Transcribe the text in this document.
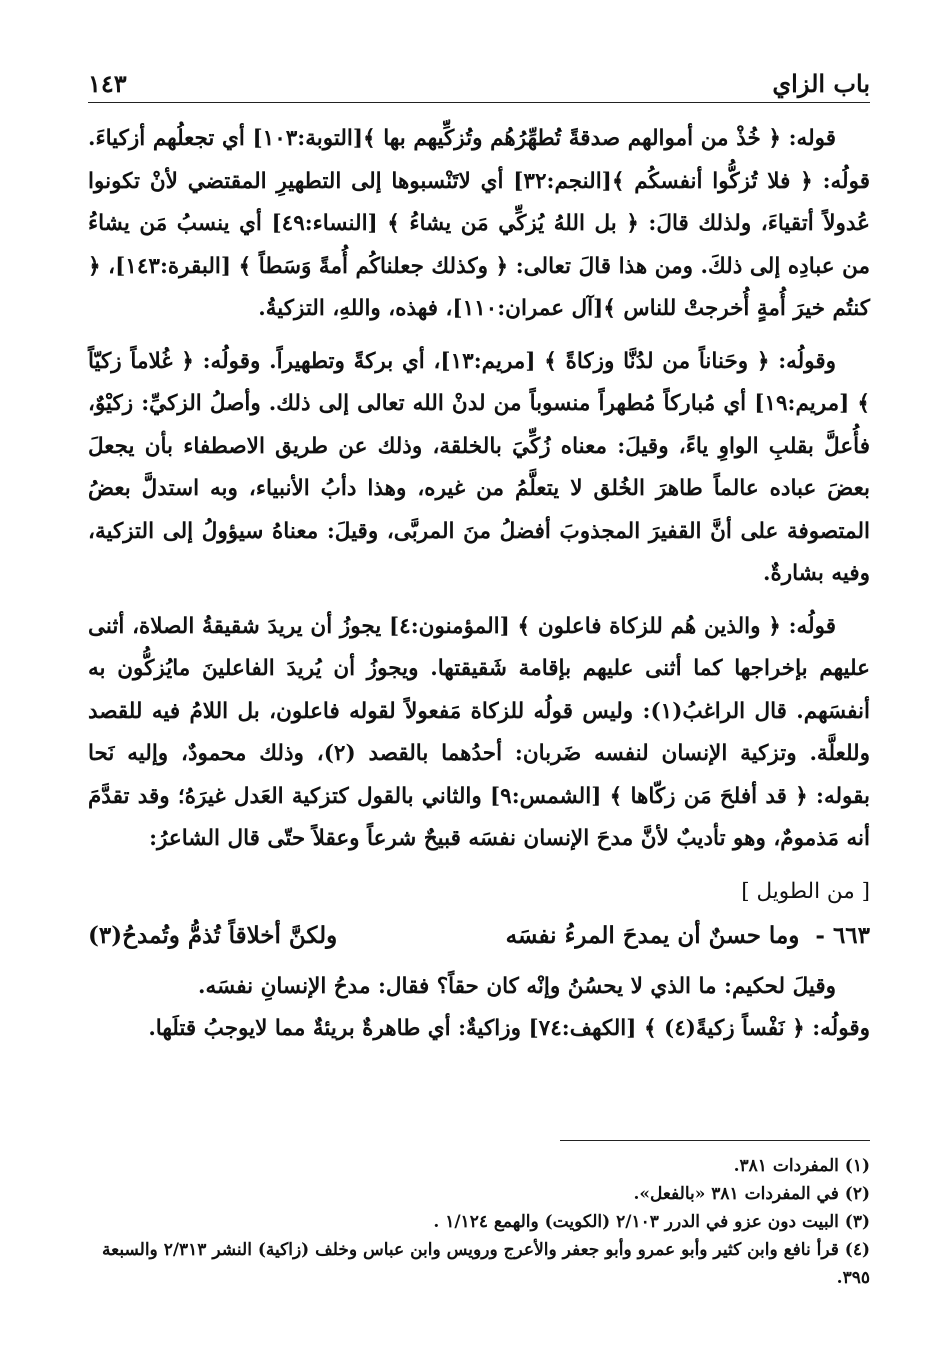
١٤٣	باب الزاي

قوله: ﴿ خُذْ من أموالهم صدقةً تُطهِّرُهُم وتُزكِّيهم بها ﴾[التوبة:١٠٣] أي تجعلُهم أزكياءَ. قولُه: ﴿ فلا تُزكُّوا أنفسكُم ﴾[النجم:٣٢] أي لاتَنْسبوها إلى التطهيرِ المقتضي لأنْ تكونوا عُدولاً أتقياءَ، ولذلك قالَ: ﴿ بل اللهُ يُزكِّي مَن يشاءُ ﴾ [النساء:٤٩] أي ينسبُ مَن يشاءُ من عبادِه إلى ذلكَ. ومن هذا قالَ تعالى: ﴿ وكذلك جعلناكُم أُمةً وَسَطاً ﴾ [البقرة:١٤٣]، ﴿ كنتُم خيرَ أُمةٍ أُخرجتْ للناس ﴾[آل عمران:١١٠]، فهذه، واللهِ، التزكيةُ.

وقولُه: ﴿ وحَناناً من لدُنَّا وزكاةً ﴾ [مريم:١٣]، أي بركةً وتطهيراً. وقولُه: ﴿ غُلاماً زكيّاً ﴾ [مريم:١٩] أي مُباركاً مُطهراً منسوباً من لدنْ الله تعالى إلى ذلك. وأصلُ الزكيِّ: زكيْوٌ، فأُعلَّ بقلبِ الواوِ ياءً، وقيلَ: معناه زُكِّيَ بالخلقة، وذلك عن طريق الاصطفاء بأن يجعلَ بعضَ عباده عالماً طاهرَ الخُلق لا يتعلَّمُ من غيره، وهذا دأبُ الأنبياء، وبه استدلَّ بعضُ المتصوفة على أنَّ القفيرَ المجذوبَ أفضلُ منَ المربَّى، وقيلَ: معناهُ سيؤولُ إلى التزكية، وفيه بشارةٌ.

قولُه: ﴿ والذين هُم للزكاة فاعلون ﴾ [المؤمنون:٤] يجوزُ أن يريدَ شقيقةُ الصلاة، أثنى عليهم بإخراجها كما أثنى عليهم بإقامة شَقيقتها. ويجوزُ أن يُريدَ الفاعلينَ مايُزكُّون به أنفسَهم. قال الراغبُ(١): وليس قولُه للزكاة مَفعولاً لقوله فاعلون، بل اللامُ فيه للقصد وللعلَّة. وتزكية الإنسان لنفسه ضَربان: أحدُهما بالقصد (٢)، وذلك محمودٌ، وإليه نَحا بقوله: ﴿ قد أفلحَ مَن زكّاها ﴾ [الشمس:٩] والثاني بالقول كتزكية العَدل غيرَهُ؛ وقد تقدَّمَ أنه مَذمومٌ، وهو تأديبٌ لأنَّ مدحَ الإنسان نفسَه قبيحٌ شرعاً وعقلاً حتّى قال الشاعرُ:

[ من الطويل ]

٦٦٣ -
وما حسنٌ أن يمدحَ المرءُ نفسَه
ولكنَّ أخلاقاً تُذمُّ وتُمدحُ(٣)

وقيلَ لحكيم: ما الذي لا يحسُنُ وإنْه كان حقاً؟ فقال: مدحُ الإنسانِ نفسَه.

وقولُه: ﴿ نَفْساً زكيةً(٤) ﴾ [الكهف:٧٤] وزاكيةٌ: أي طاهرةٌ بريئةٌ مما لايوجبُ قتلَها.

(١) المفردات ٣٨١.

(٢) في المفردات ٣٨١ «بالفعل».

(٣) البيت دون عزو في الدرر ٢/١٠٣ (الكويت) والهمع ١/١٢٤ .

(٤) قرأ نافع وابن كثير وأبو عمرو وأبو جعفر والأعرج ورويس وابن عباس وخلف (زاكية) النشر ٢/٣١٣ والسبعة ٣٩٥.
